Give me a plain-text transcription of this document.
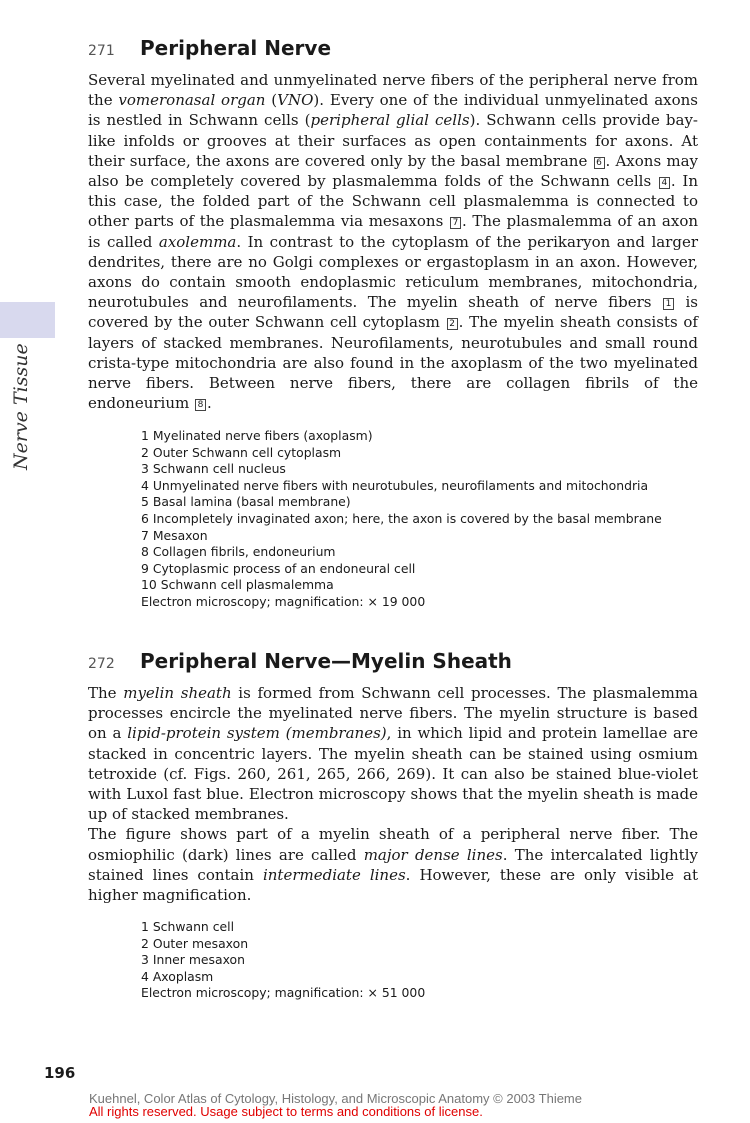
Nerve Tissue
271	Peripheral Nerve

Several myelinated and unmyelinated nerve fibers of the peripheral nerve from the vomeronasal organ (VNO). Every one of the individual unmyelinated axons is nestled in Schwann cells (peripheral glial cells). Schwann cells provide bay-like infolds or grooves at their surfaces as open containments for axons. At their surface, the axons are covered only by the basal membrane 6 . Axons may also be completely covered by plasmalemma folds of the Schwann cells 4 . In this case, the folded part of the Schwann cell plasmalemma is connected to other parts of the plasmalemma via mesaxons 7 . The plasmalemma of an axon is called axolemma. In contrast to the cytoplasm of the perikaryon and larger dendrites, there are no Golgi complexes or ergastoplasm in an axon. However, axons do contain smooth endoplasmic reticulum membranes, mitochondria, neurotubules and neurofilaments. The myelin sheath of nerve fibers 1 is covered by the outer Schwann cell cytoplasm 2 . The myelin sheath consists of layers of stacked membranes. Neurofilaments, neurotubules and small round crista-type mitochondria are also found in the axoplasm of the two myelinated nerve fibers. Between nerve fibers, there are collagen fibrils of the endoneurium 8 .

1 Myelinated nerve fibers (axoplasm)
2 Outer Schwann cell cytoplasm
3 Schwann cell nucleus
4 Unmyelinated nerve fibers with neurotubules, neurofilaments and mitochondria
5 Basal lamina (basal membrane)
6 Incompletely invaginated axon; here, the axon is covered by the basal membrane
7 Mesaxon
8 Collagen fibrils, endoneurium
9 Cytoplasmic process of an endoneural cell
10 Schwann cell plasmalemma
Electron microscopy; magnification: × 19 000
272	Peripheral Nerve—Myelin Sheath

The myelin sheath is formed from Schwann cell processes. The plasmalemma processes encircle the myelinated nerve fibers. The myelin structure is based on a lipid-protein system (membranes), in which lipid and protein lamellae are stacked in concentric layers. The myelin sheath can be stained using osmium tetroxide (cf. Figs. 260, 261, 265, 266, 269). It can also be stained blue-violet with Luxol fast blue. Electron microscopy shows that the myelin sheath is made up of stacked membranes.

The figure shows part of a myelin sheath of a peripheral nerve fiber. The osmiophilic (dark) lines are called major dense lines. The intercalated lightly stained lines contain intermediate lines. However, these are only visible at higher magnification.

1 Schwann cell
2 Outer mesaxon
3 Inner mesaxon
4 Axoplasm
Electron microscopy; magnification: × 51 000
196
Kuehnel, Color Atlas of Cytology, Histology, and Microscopic Anatomy © 2003 Thieme
All rights reserved. Usage subject to terms and conditions of license.
